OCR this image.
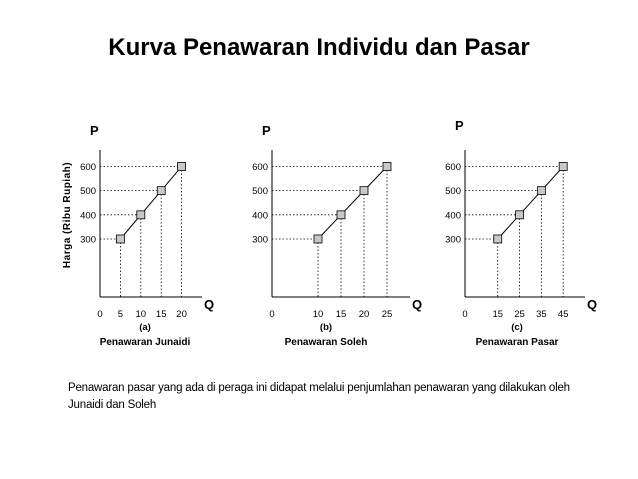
Kurva Penawaran Individu dan Pasar
Harga (Ribu Rupiah)
P
Q
300
400
500
600
0 5 10 15 20
(a)
Penawaran Junaidi
P
Q
300
400
500
600
0	10 15 20 25
(b)
Penawaran Soleh
P
Q
300
400
500
600
0	15 25 35 45
(c)
Penawaran Pasar

Penawaran pasar yang ada di peraga ini didapat melalui penjumlahan penawaran yang dilakukan oleh Junaidi dan Soleh
